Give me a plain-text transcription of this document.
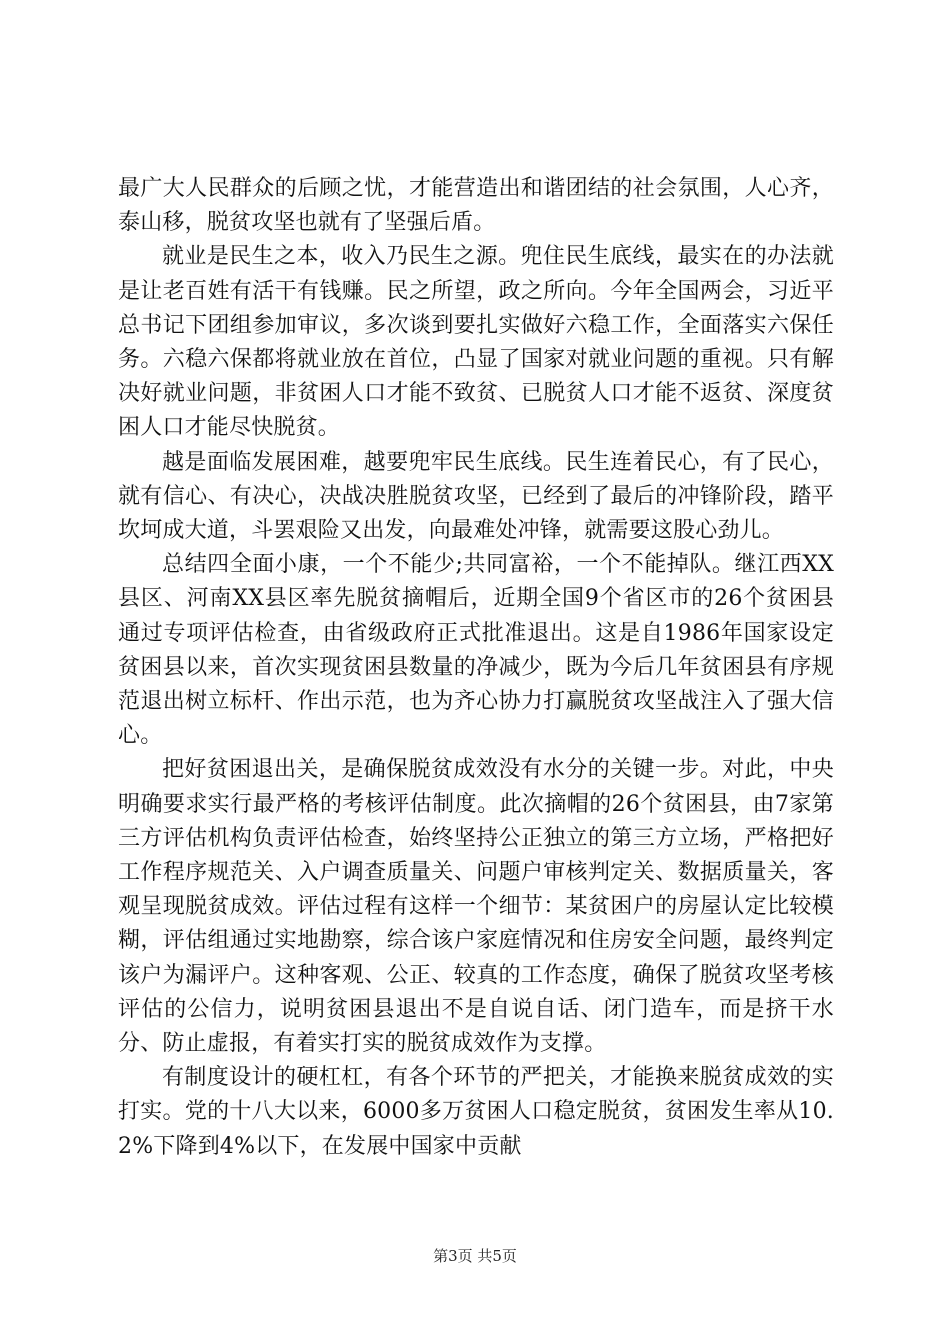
最广大人民群众的后顾之忧，才能营造出和谐团结的社会氛围，人心齐，泰山移，脱贫攻坚也就有了坚强后盾。

就业是民生之本，收入乃民生之源。兜住民生底线，最实在的办法就是让老百姓有活干有钱赚。民之所望，政之所向。今年全国两会，习近平总书记下团组参加审议，多次谈到要扎实做好六稳工作，全面落实六保任务。六稳六保都将就业放在首位，凸显了国家对就业问题的重视。只有解决好就业问题，非贫困人口才能不致贫、已脱贫人口才能不返贫、深度贫困人口才能尽快脱贫。

越是面临发展困难，越要兜牢民生底线。民生连着民心，有了民心，就有信心、有决心，决战决胜脱贫攻坚，已经到了最后的冲锋阶段，踏平坎坷成大道，斗罢艰险又出发，向最难处冲锋，就需要这股心劲儿。

总结四全面小康，一个不能少;共同富裕，一个不能掉队。继江西XX县区、河南XX县区率先脱贫摘帽后，近期全国9个省区市的26个贫困县通过专项评估检查，由省级政府正式批准退出。这是自1986年国家设定贫困县以来，首次实现贫困县数量的净减少，既为今后几年贫困县有序规范退出树立标杆、作出示范，也为齐心协力打赢脱贫攻坚战注入了强大信心。

把好贫困退出关，是确保脱贫成效没有水分的关键一步。对此，中央明确要求实行最严格的考核评估制度。此次摘帽的26个贫困县，由7家第三方评估机构负责评估检查，始终坚持公正独立的第三方立场，严格把好工作程序规范关、入户调查质量关、问题户审核判定关、数据质量关，客观呈现脱贫成效。评估过程有这样一个细节：某贫困户的房屋认定比较模糊，评估组通过实地勘察，综合该户家庭情况和住房安全问题，最终判定该户为漏评户。这种客观、公正、较真的工作态度，确保了脱贫攻坚考核评估的公信力，说明贫困县退出不是自说自话、闭门造车，而是挤干水分、防止虚报，有着实打实的脱贫成效作为支撑。

有制度设计的硬杠杠，有各个环节的严把关，才能换来脱贫成效的实打实。党的十八大以来，6000多万贫困人口稳定脱贫，贫困发生率从10.2%下降到4%以下，在发展中国家中贡献

第3页 共5页
